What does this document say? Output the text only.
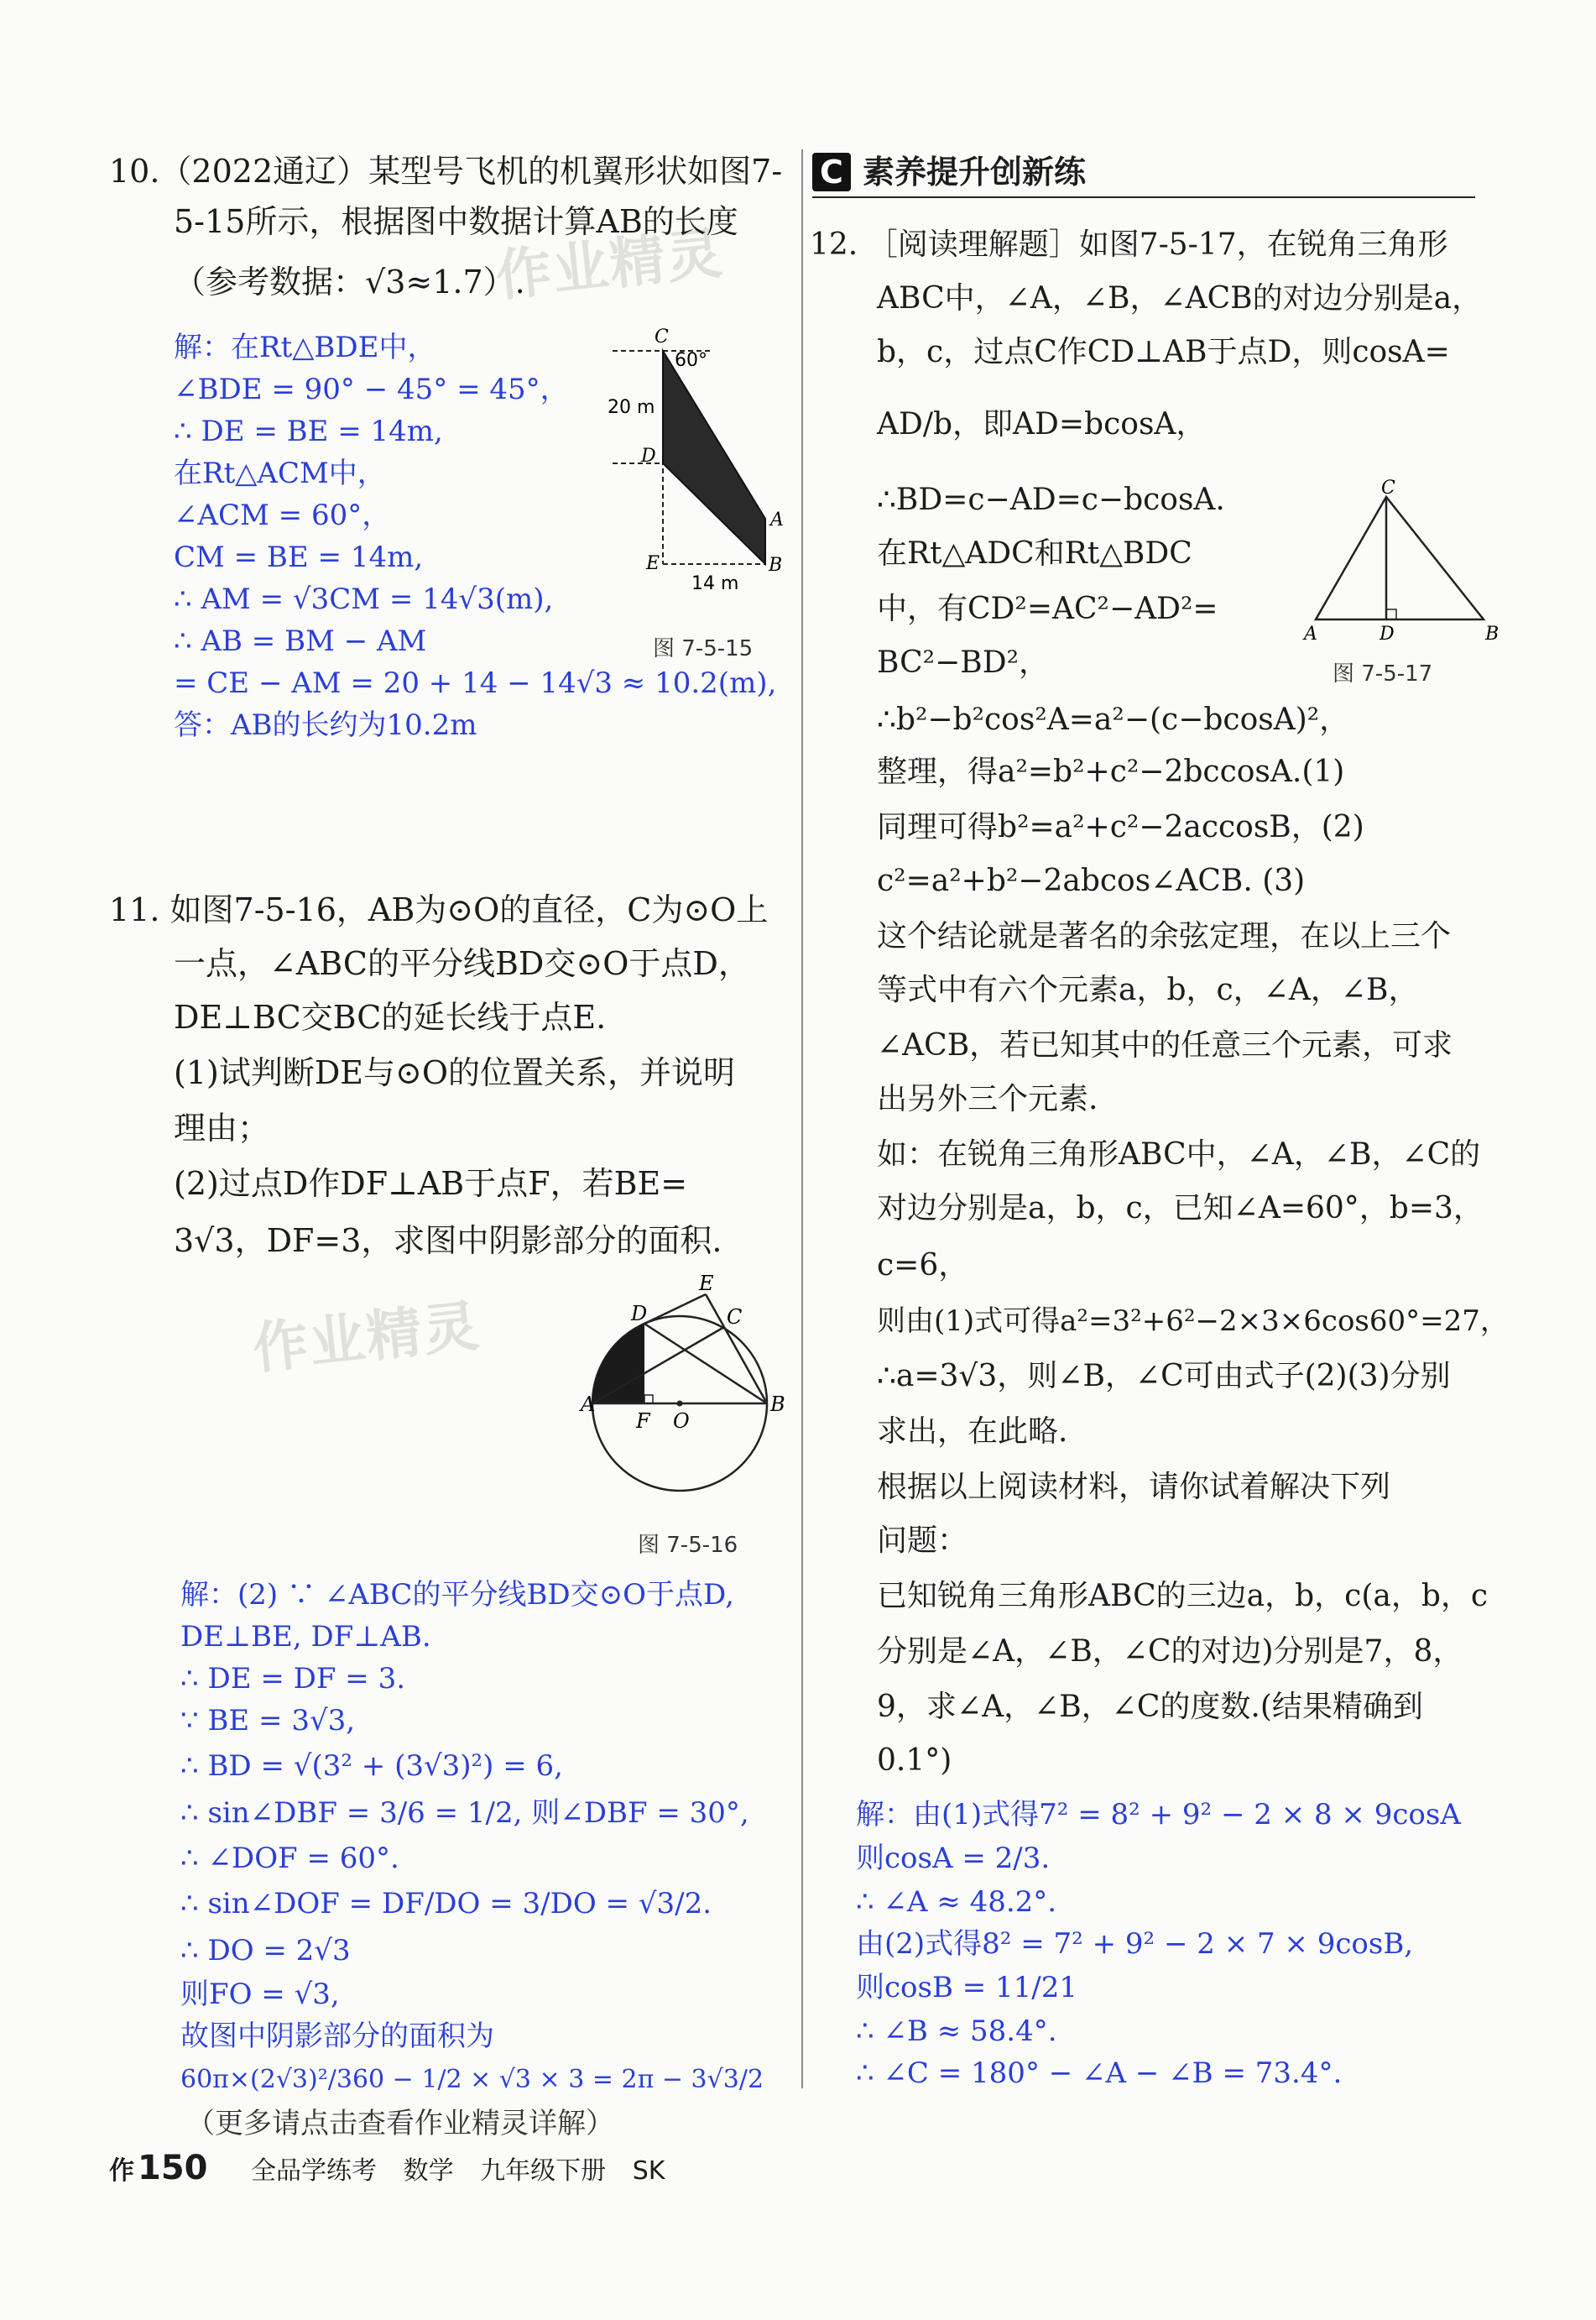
作业精灵
作业精灵
10.（2022通辽）某型号飞机的机翼形状如图7-
5-15所示，根据图中数据计算AB的长度
（参考数据：√3≈1.7）.
解：在Rt△BDE中，
∠BDE = 90° − 45° = 45°，
∴ DE = BE = 14m,
在Rt△ACM中，
∠ACM = 60°，
CM = BE = 14m,
∴ AM = √3CM = 14√3(m),
∴ AB = BM − AM
= CE − AM = 20 + 14 − 14√3 ≈ 10.2(m),
答：AB的长约为10.2m
C
60°
20 m
D
A
B
E
14 m
图 7-5-15
11. 如图7-5-16，AB为⊙O的直径，C为⊙O上
一点，∠ABC的平分线BD交⊙O于点D，
DE⊥BC交BC的延长线于点E.
(1)试判断DE与⊙O的位置关系，并说明
理由；
(2)过点D作DF⊥AB于点F，若BE=
3√3，DF=3，求图中阴影部分的面积.
A	B
C
D
E
F O
图 7-5-16
解：(2) ∵ ∠ABC的平分线BD交⊙O于点D,
DE⊥BE, DF⊥AB.
∴ DE = DF = 3.
∵ BE = 3√3,
∴ BD = √(3² + (3√3)²) = 6,
∴ sin∠DBF = 3/6 = 1/2, 则∠DBF = 30°,
∴ ∠DOF = 60°.
∴ sin∠DOF = DF/DO = 3/DO = √3/2.
∴ DO = 2√3
则FO = √3,
故图中阴影部分的面积为
60π×(2√3)²/360 − 1/2 × √3 × 3 = 2π − 3√3/2
（更多请点击查看作业精灵详解）
C 素养提升创新练
12. ［阅读理解题］如图7-5-17，在锐角三角形
ABC中，∠A，∠B，∠ACB的对边分别是a，
b，c，过点C作CD⊥AB于点D，则cosA=
AD/b，即AD=bcosA，
∴BD=c−AD=c−bcosA.
在Rt△ADC和Rt△BDC
中，有CD²=AC²−AD²=
BC²−BD²，
∴b²−b²cos²A=a²−(c−bcosA)²，
整理，得a²=b²+c²−2bccosA.(1)
同理可得b²=a²+c²−2accosB，(2)
c²=a²+b²−2abcos∠ACB. (3)
这个结论就是著名的余弦定理，在以上三个
等式中有六个元素a，b，c，∠A，∠B，
∠ACB，若已知其中的任意三个元素，可求
出另外三个元素.
如：在锐角三角形ABC中，∠A，∠B，∠C的
对边分别是a，b，c，已知∠A=60°，b=3，
c=6，
则由(1)式可得a²=3²+6²−2×3×6cos60°=27，
∴a=3√3，则∠B，∠C可由式子(2)(3)分别
求出，在此略.
根据以上阅读材料，请你试着解决下列
问题：
已知锐角三角形ABC的三边a，b，c(a，b，c
分别是∠A，∠B，∠C的对边)分别是7，8，
9，求∠A，∠B，∠C的度数.(结果精确到
0.1°)
C
A	D	B
图 7-5-17
解：由(1)式得7² = 8² + 9² − 2 × 8 × 9cosA
则cosA = 2/3.
∴ ∠A ≈ 48.2°.
由(2)式得8² = 7² + 9² − 2 × 7 × 9cosB,
则cosB = 11/21
∴ ∠B ≈ 58.4°.
∴ ∠C = 180° − ∠A − ∠B = 73.4°.
作 150 全品学练考 数学 九年级下册 SK
